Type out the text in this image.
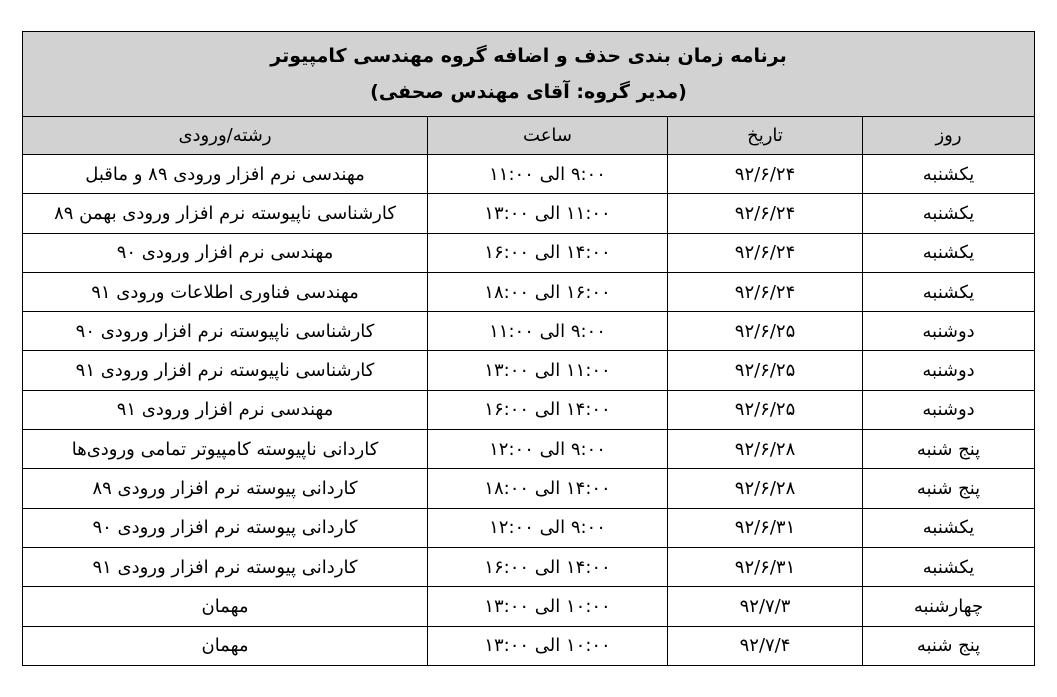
برنامه زمان بندی حذف و اضافه گروه مهندسی کامپیوتر
(مدیر گروه: آقای مهندس صحفی)			

روز	تاریخ	ساعت	رشته/ورودی
یکشنبه	۹۲/۶/۲۴	۹:۰۰ الی ۱۱:۰۰	مهندسی نرم افزار ورودی ۸۹ و ماقبل
یکشنبه	۹۲/۶/۲۴	۱۱:۰۰ الی ۱۳:۰۰	کارشناسی ناپیوسته نرم افزار ورودی بهمن ۸۹
یکشنبه	۹۲/۶/۲۴	۱۴:۰۰ الی ۱۶:۰۰	مهندسی نرم افزار ورودی ۹۰
یکشنبه	۹۲/۶/۲۴	۱۶:۰۰ الی ۱۸:۰۰	مهندسی فناوری اطلاعات ورودی ۹۱
دوشنبه	۹۲/۶/۲۵	۹:۰۰ الی ۱۱:۰۰	کارشناسی ناپیوسته نرم افزار ورودی ۹۰
دوشنبه	۹۲/۶/۲۵	۱۱:۰۰ الی ۱۳:۰۰	کارشناسی ناپیوسته نرم افزار ورودی ۹۱
دوشنبه	۹۲/۶/۲۵	۱۴:۰۰ الی ۱۶:۰۰	مهندسی نرم افزار ورودی ۹۱
پنج شنبه	۹۲/۶/۲۸	۹:۰۰ الی ۱۲:۰۰	کاردانی ناپیوسته کامپیوتر تمامی ورودی‌ها
پنج شنبه	۹۲/۶/۲۸	۱۴:۰۰ الی ۱۸:۰۰	کاردانی پیوسته نرم افزار ورودی ۸۹
یکشنبه	۹۲/۶/۳۱	۹:۰۰ الی ۱۲:۰۰	کاردانی پیوسته نرم افزار ورودی ۹۰
یکشنبه	۹۲/۶/۳۱	۱۴:۰۰ الی ۱۶:۰۰	کاردانی پیوسته نرم افزار ورودی ۹۱
چهارشنبه	۹۲/۷/۳	۱۰:۰۰ الی ۱۳:۰۰	مهمان
پنج شنبه	۹۲/۷/۴	۱۰:۰۰ الی ۱۳:۰۰	مهمان
